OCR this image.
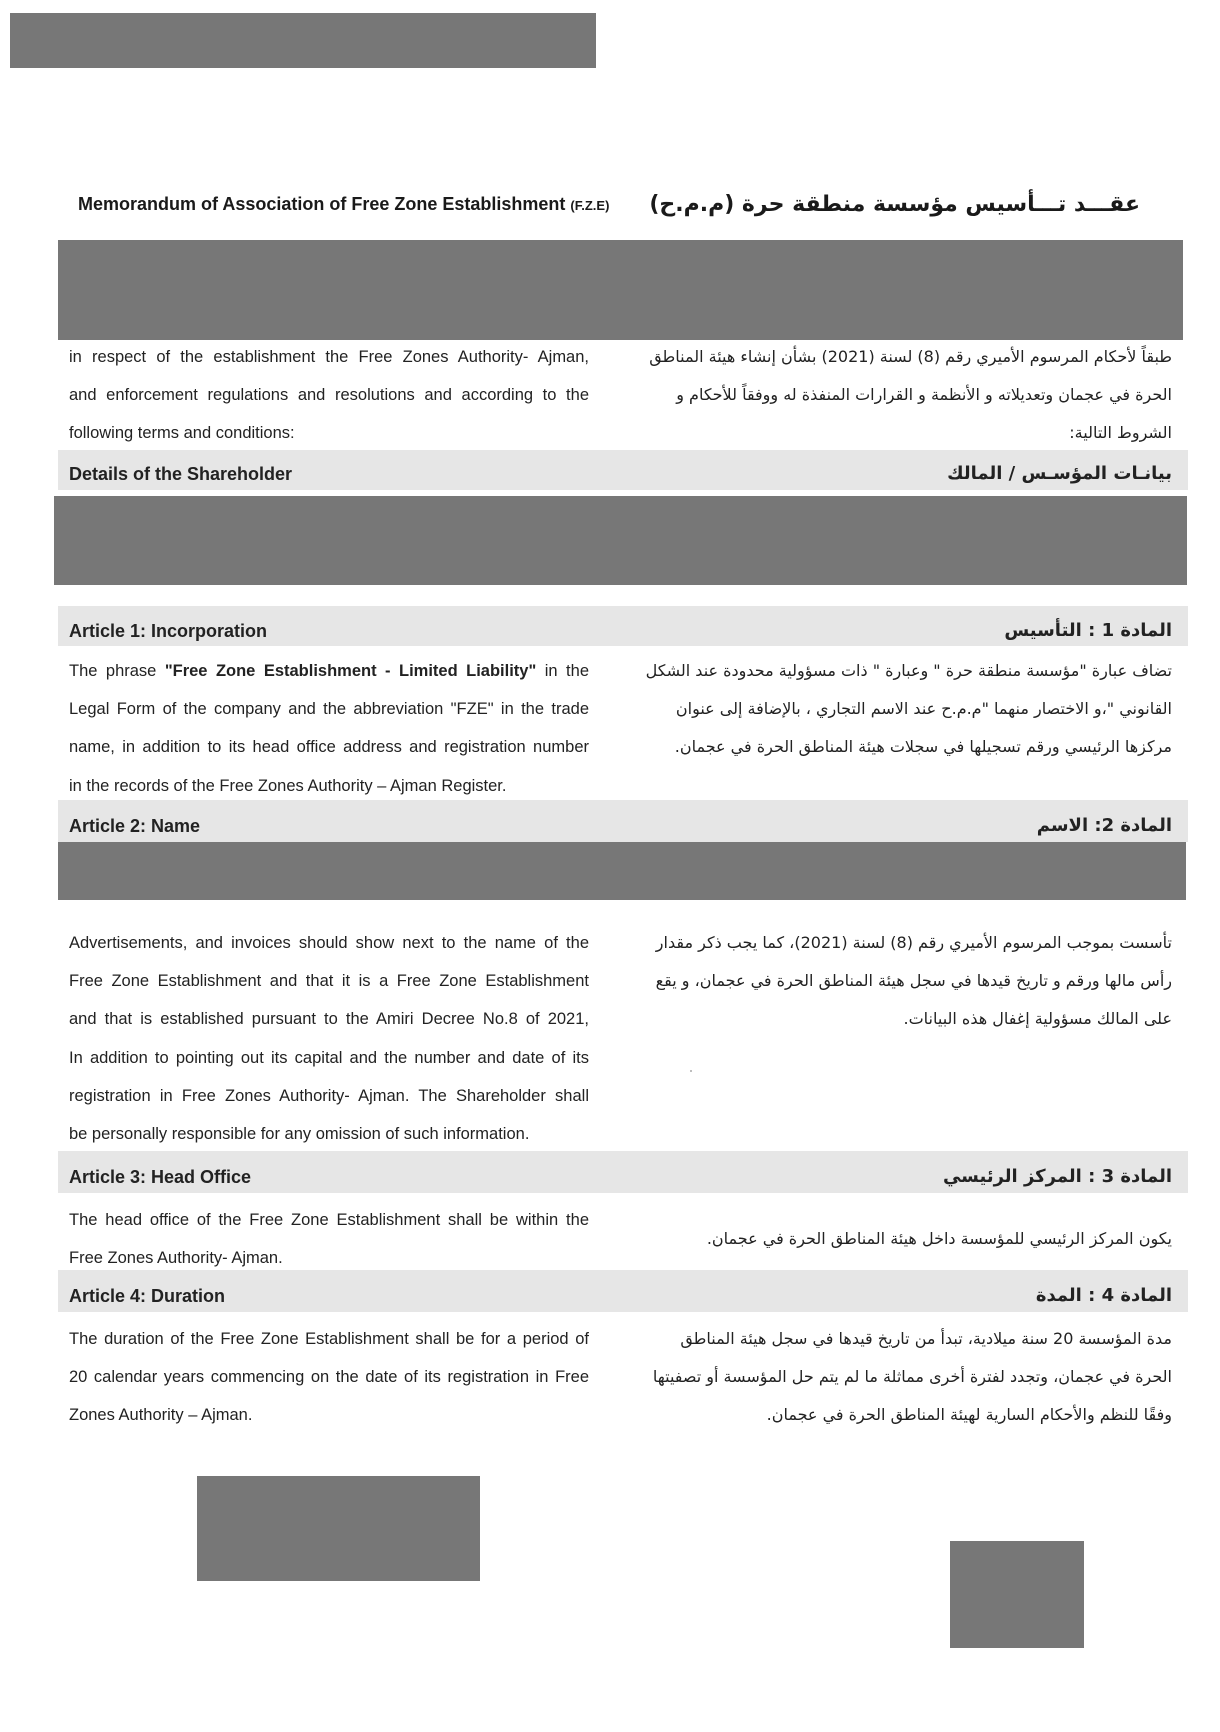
Memorandum of Association of Free Zone Establishment (F.Z.E) عقـــد تـــأسيس مؤسسة منطقة حرة (م.م.ح)
in respect of the establishment the Free Zones Authority- Ajman,
and enforcement regulations and resolutions and according to the
following terms and conditions:
طبقاً لأحكام المرسوم الأميري رقم (8) لسنة (2021) بشأن إنشاء هيئة المناطق
الحرة في عجمان وتعديلاته و الأنظمة و القرارات المنفذة له ووفقاً للأحكام و
الشروط التالية:
Details of the Shareholder	بيانـات المؤسـس / المالك
Article 1: Incorporation	المادة 1 : التأسيس
The phrase "Free Zone Establishment - Limited Liability" in the
Legal Form of the company and the abbreviation "FZE" in the trade
name, in addition to its head office address and registration number
in the records of the Free Zones Authority – Ajman Register.
تضاف عبارة "مؤسسة منطقة حرة " وعبارة " ذات مسؤولية محدودة عند الشكل
القانوني "،و الاختصار منهما "م.م.ح عند الاسم التجاري ، بالإضافة إلى عنوان
مركزها الرئيسي ورقم تسجيلها في سجلات هيئة المناطق الحرة في عجمان.
Article 2: Name	المادة 2: الاسم
Advertisements, and invoices should show next to the name of the
Free Zone Establishment and that it is a Free Zone Establishment
and that is established pursuant to the Amiri Decree No.8 of 2021,
In addition to pointing out its capital and the number and date of its
registration in Free Zones Authority- Ajman. The Shareholder shall
be personally responsible for any omission of such information.
تأسست بموجب المرسوم الأميري رقم (8) لسنة (2021)، كما يجب ذكر مقدار
رأس مالها ورقم و تاريخ قيدها في سجل هيئة المناطق الحرة في عجمان، و يقع
على المالك مسؤولية إغفال هذه البيانات.
Article 3: Head Office	المادة 3 : المركز الرئيسي
The head office of the Free Zone Establishment shall be within the
Free Zones Authority- Ajman.
يكون المركز الرئيسي للمؤسسة داخل هيئة المناطق الحرة في عجمان.
Article 4: Duration	المادة 4 : المدة
The duration of the Free Zone Establishment shall be for a period of
20 calendar years commencing on the date of its registration in Free
Zones Authority – Ajman.
مدة المؤسسة 20 سنة ميلادية، تبدأ من تاريخ قيدها في سجل هيئة المناطق
الحرة في عجمان، وتجدد لفترة أخرى مماثلة ما لم يتم حل المؤسسة أو تصفيتها
وفقًا للنظم والأحكام السارية لهيئة المناطق الحرة في عجمان.
